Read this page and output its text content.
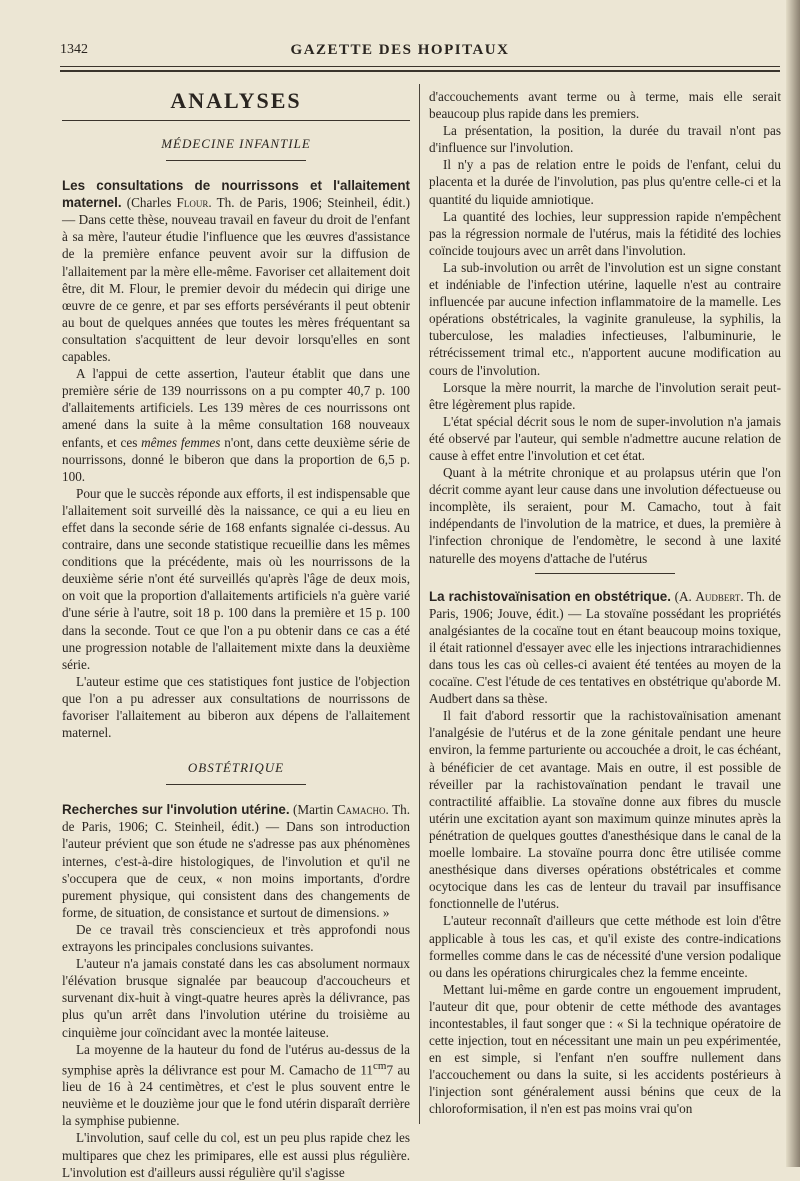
1342	GAZETTE DES HOPITAUX
ANALYSES
MÉDECINE INFANTILE

Les consultations de nourrissons et l'allaitement maternel. (Charles Flour. Th. de Paris, 1906; Steinheil, édit.) — Dans cette thèse, nouveau travail en faveur du droit de l'enfant à sa mère, l'auteur étudie l'influence que les œuvres d'assistance de la première enfance peuvent avoir sur la diffusion de l'allaitement par la mère elle-même. Favoriser cet allaitement doit être, dit M. Flour, le premier devoir du médecin qui dirige une œuvre de ce genre, et par ses efforts persévérants il peut obtenir au bout de quelques années que toutes les mères fréquentant sa consultation s'acquittent de leur devoir lorsqu'elles en sont capables.

A l'appui de cette assertion, l'auteur établit que dans une première série de 139 nourrissons on a pu compter 40,7 p. 100 d'allaitements artificiels. Les 139 mères de ces nourrissons ont amené dans la suite à la même consultation 168 nouveaux enfants, et ces mêmes femmes n'ont, dans cette deuxième série de nourrissons, donné le biberon que dans la proportion de 6,5 p. 100.

Pour que le succès réponde aux efforts, il est indispensable que l'allaitement soit surveillé dès la naissance, ce qui a eu lieu en effet dans la seconde série de 168 enfants signalée ci-dessus. Au contraire, dans une seconde statistique recueillie dans les mêmes conditions que la précédente, mais où les nourrissons de la deuxième série n'ont été surveillés qu'après l'âge de deux mois, on voit que la proportion d'allaitements artificiels n'a guère varié d'une série à l'autre, soit 18 p. 100 dans la première et 15 p. 100 dans la seconde. Tout ce que l'on a pu obtenir dans ce cas a été une progression notable de l'allaitement mixte dans la deuxième série.

L'auteur estime que ces statistiques font justice de l'objection que l'on a pu adresser aux consultations de nourrissons de favoriser l'allaitement au biberon aux dépens de l'allaitement maternel.

OBSTÉTRIQUE

Recherches sur l'involution utérine. (Martin Camacho. Th. de Paris, 1906; C. Steinheil, édit.) — Dans son introduction l'auteur prévient que son étude ne s'adresse pas aux phénomènes internes, c'est-à-dire histologiques, de l'involution et qu'il ne s'occupera que de ceux, « non moins importants, d'ordre purement physique, qui consistent dans des changements de forme, de situation, de consistance et surtout de dimensions. »

De ce travail très consciencieux et très approfondi nous extrayons les principales conclusions suivantes.

L'auteur n'a jamais constaté dans les cas absolument normaux l'élévation brusque signalée par beaucoup d'accoucheurs et survenant dix-huit à vingt-quatre heures après la délivrance, pas plus qu'un arrêt dans l'involution utérine du troisième au cinquième jour coïncidant avec la montée laiteuse.

La moyenne de la hauteur du fond de l'utérus au-dessus de la symphise après la délivrance est pour M. Camacho de $11^{cm}7$ au lieu de 16 à 24 centimètres, et c'est le plus souvent entre le neuvième et le douzième jour que le fond utérin disparaît derrière la symphise pubienne.

L'involution, sauf celle du col, est un peu plus rapide chez les multipares que chez les primipares, elle est aussi plus régulière. L'involution est d'ailleurs aussi régulière qu'il s'agisse

d'accouchements avant terme ou à terme, mais elle serait beaucoup plus rapide dans les premiers.

La présentation, la position, la durée du travail n'ont pas d'influence sur l'involution.

Il n'y a pas de relation entre le poids de l'enfant, celui du placenta et la durée de l'involution, pas plus qu'entre celle-ci et la quantité du liquide amniotique.

La quantité des lochies, leur suppression rapide n'empêchent pas la régression normale de l'utérus, mais la fétidité des lochies coïncide toujours avec un arrêt dans l'involution.

La sub-involution ou arrêt de l'involution est un signe constant et indéniable de l'infection utérine, laquelle n'est au contraire influencée par aucune infection inflammatoire de la mamelle. Les opérations obstétricales, la vaginite granuleuse, la syphilis, la tuberculose, les maladies infectieuses, l'albuminurie, le rétrécissement trimal etc., n'apportent aucune modification au cours de l'involution.

Lorsque la mère nourrit, la marche de l'involution serait peut-être légèrement plus rapide.

L'état spécial décrit sous le nom de super-involution n'a jamais été observé par l'auteur, qui semble n'admettre aucune relation de cause à effet entre l'involution et cet état.

Quant à la métrite chronique et au prolapsus utérin que l'on décrit comme ayant leur cause dans une involution défectueuse ou incomplète, ils seraient, pour M. Camacho, tout à fait indépendants de l'involution de la matrice, et dues, la première à l'infection chronique de l'endomètre, le second à une laxité naturelle des moyens d'attache de l'utérus

La rachistovaïnisation en obstétrique. (A. Audbert. Th. de Paris, 1906; Jouve, édit.) — La stovaïne possédant les propriétés analgésiantes de la cocaïne tout en étant beaucoup moins toxique, il était rationnel d'essayer avec elle les injections intrarachidiennes dans tous les cas où celles-ci avaient été tentées au moyen de la cocaïne. C'est l'étude de ces tentatives en obstétrique qu'aborde M. Audbert dans sa thèse.

Il fait d'abord ressortir que la rachistovaïnisation amenant l'analgésie de l'utérus et de la zone génitale pendant une heure environ, la femme parturiente ou accouchée a droit, le cas échéant, à bénéficier de cet avantage. Mais en outre, il est possible de réveiller par la rachistovaïnation pendant le travail une contractilité affaiblie. La stovaïne donne aux fibres du muscle utérin une excitation ayant son maximum quinze minutes après la pénétration de quelques gouttes d'anesthésique dans le canal de la moelle lombaire. La stovaïne pourra donc être utilisée comme anesthésique dans diverses opérations obstétricales et comme ocytocique dans les cas de lenteur du travail par insuffisance fonctionnelle de l'utérus.

L'auteur reconnaît d'ailleurs que cette méthode est loin d'être applicable à tous les cas, et qu'il existe des contre-indications formelles comme dans le cas de nécessité d'une version podalique ou dans les opérations chirurgicales chez la femme enceinte.

Mettant lui-même en garde contre un engouement imprudent, l'auteur dit que, pour obtenir de cette méthode des avantages incontestables, il faut songer que : « Si la technique opératoire de cette injection, tout en nécessitant une main un peu expérimentée, en est simple, si l'enfant n'en souffre nullement dans l'accouchement ou dans la suite, si les accidents postérieurs à l'injection sont généralement aussi bénins que ceux de la chloroformisation, il n'en est pas moins vrai qu'on
